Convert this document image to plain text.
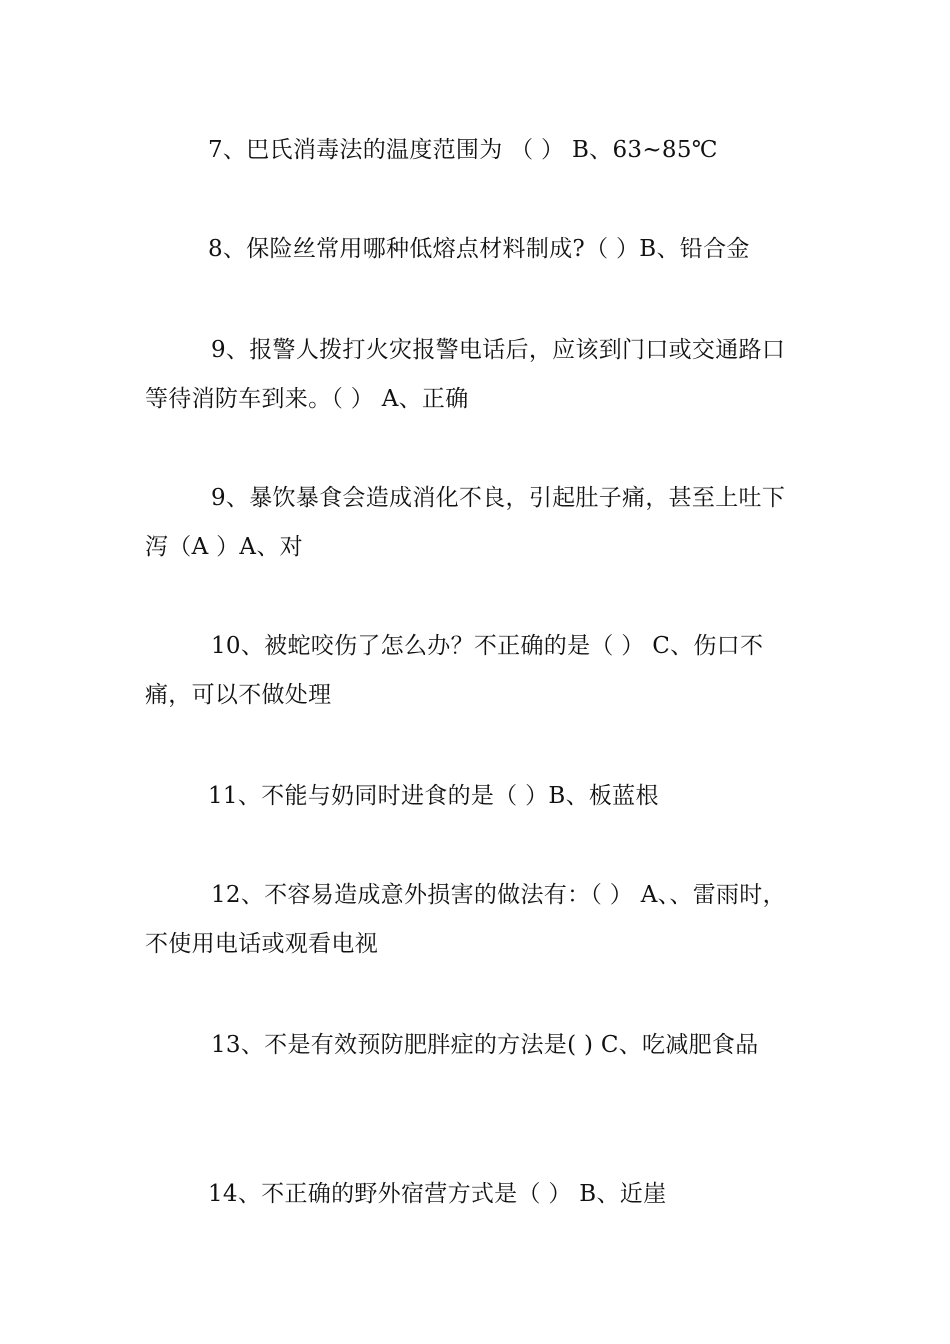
7、巴氏消毒法的温度范围为 （ ） B、63~85℃

8、保险丝常用哪种低熔点材料制成?（ ）B、铅合金

9、报警人拨打火灾报警电话后，应该到门口或交通路口等待消防车到来。（ ） A、正确

9、暴饮暴食会造成消化不良，引起肚子痛，甚至上吐下泻（A ）A、对

10、被蛇咬伤了怎么办？不正确的是（ ） C、伤口不痛，可以不做处理

11、不能与奶同时进食的是（ ）B、板蓝根

12、不容易造成意外损害的做法有：（ ） A、、雷雨时，不使用电话或观看电视

13、不是有效预防肥胖症的方法是( ) C、吃减肥食品

14、不正确的野外宿营方式是（ ） B、近崖
